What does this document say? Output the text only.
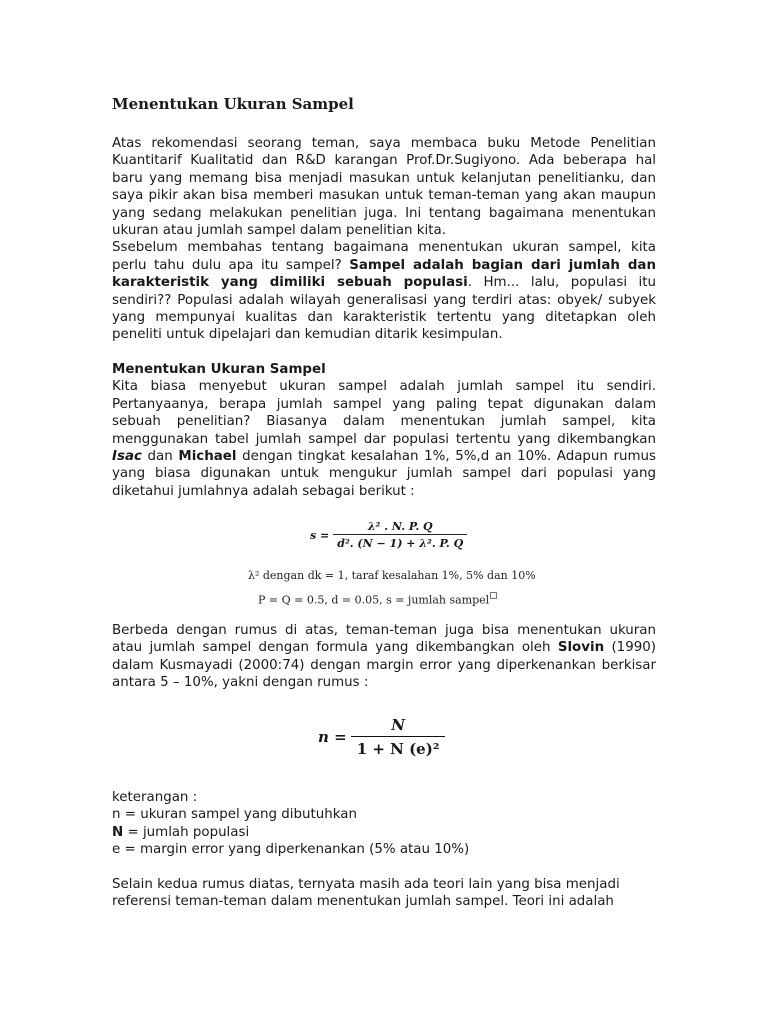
Menentukan Ukuran Sampel

Atas rekomendasi seorang teman, saya membaca buku Metode Penelitian Kuantitarif Kualitatid dan R&D karangan Prof.Dr.Sugiyono. Ada beberapa hal baru yang memang bisa menjadi masukan untuk kelanjutan penelitianku, dan saya pikir akan bisa memberi masukan untuk teman-teman yang akan maupun yang sedang melakukan penelitian juga. Ini tentang bagaimana menentukan ukuran atau jumlah sampel dalam penelitian kita.

Ssebelum membahas tentang bagaimana menentukan ukuran sampel, kita perlu tahu dulu apa itu sampel? Sampel adalah bagian dari jumlah dan karakteristik yang dimiliki sebuah populasi. Hm... lalu, populasi itu sendiri?? Populasi adalah wilayah generalisasi yang terdiri atas: obyek/ subyek yang mempunyai kualitas dan karakteristik tertentu yang ditetapkan oleh peneliti untuk dipelajari dan kemudian ditarik kesimpulan.

Menentukan Ukuran Sampel

Kita biasa menyebut ukuran sampel adalah jumlah sampel itu sendiri. Pertanyaanya, berapa jumlah sampel yang paling tepat digunakan dalam sebuah penelitian? Biasanya dalam menentukan jumlah sampel, kita menggunakan tabel jumlah sampel dar populasi tertentu yang dikembangkan Isac dan Michael dengan tingkat kesalahan 1%, 5%,d an 10%. Adapun rumus yang biasa digunakan untuk mengukur jumlah sampel dari populasi yang diketahui jumlahnya adalah sebagai berikut :

$s = \frac{\text{λ² . N. P. Q}}{\text{d². (N − 1) + λ². P. Q}}$
λ² dengan dk = 1, taraf kesalahan 1%, 5% dan 10%
P = Q = 0.5, d = 0.05, s = jumlah sampel

Berbeda dengan rumus di atas, teman-teman juga bisa menentukan ukuran atau jumlah sampel dengan formula yang dikembangkan oleh Slovin (1990) dalam Kusmayadi (2000:74) dengan margin error yang diperkenankan berkisar antara 5 – 10%, yakni dengan rumus :

$n = \frac{N}{\text{1 + N (e)²}}$

keterangan :

n = ukuran sampel yang dibutuhkan

N = jumlah populasi

e = margin error yang diperkenankan (5% atau 10%)

Selain kedua rumus diatas, ternyata masih ada teori lain yang bisa menjadi referensi teman-teman dalam menentukan jumlah sampel. Teori ini adalah
